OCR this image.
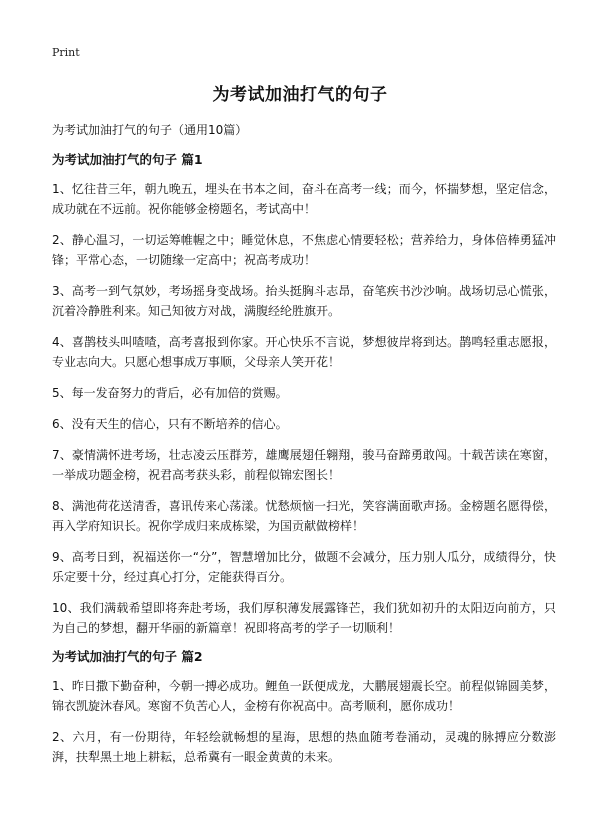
Print
为考试加油打气的句子

为考试加油打气的句子（通用10篇）

为考试加油打气的句子 篇1

1、忆往昔三年，朝九晚五，埋头在书本之间，奋斗在高考一线；而今，怀揣梦想，坚定信念，成功就在不远前。祝你能够金榜题名，考试高中！

2、静心温习，一切运筹帷幄之中；睡觉休息，不焦虑心情要轻松；营养给力，身体倍棒勇猛冲锋；平常心态，一切随缘一定高中；祝高考成功！

3、高考一到气氛妙，考场摇身变战场。抬头挺胸斗志昂，奋笔疾书沙沙响。战场切忌心慌张，沉着冷静胜利来。知己知彼方对战，满腹经纶胜旗开。

4、喜鹊枝头叫喳喳，高考喜报到你家。开心快乐不言说，梦想彼岸将到达。鹊鸣轻重志愿报，专业志向大。只愿心想事成万事顺，父母亲人笑开花！

5、每一发奋努力的背后，必有加倍的赏赐。

6、没有天生的信心，只有不断培养的信心。

7、豪情满怀进考场，壮志凌云压群芳，雄鹰展翅任翱翔，骏马奋蹄勇敢闯。十载苦读在寒窗，一举成功题金榜，祝君高考获头彩，前程似锦宏图长！

8、满池荷花送清香，喜讯传来心荡漾。忧愁烦恼一扫光，笑容满面歌声扬。金榜题名愿得偿，再入学府知识长。祝你学成归来成栋梁，为国贡献做榜样！

9、高考日到，祝福送你一“分”，智慧增加比分，做题不会减分，压力别人瓜分，成绩得分，快乐定要十分，经过真心打分，定能获得百分。

10、我们满载希望即将奔赴考场，我们厚积薄发展露锋芒，我们犹如初升的太阳迈向前方，只为自己的梦想，翻开华丽的新篇章！祝即将高考的学子一切顺利！

为考试加油打气的句子 篇2

1、昨日撒下勤奋种，今朝一搏必成功。鲤鱼一跃便成龙，大鹏展翅震长空。前程似锦圆美梦，锦衣凯旋沐春风。寒窗不负苦心人，金榜有你祝高中。高考顺利，愿你成功！

2、六月，有一份期待，年轻绘就畅想的星海，思想的热血随考卷涌动，灵魂的脉搏应分数澎湃，扶犁黑土地上耕耘，总希冀有一眼金黄黄的未来。
